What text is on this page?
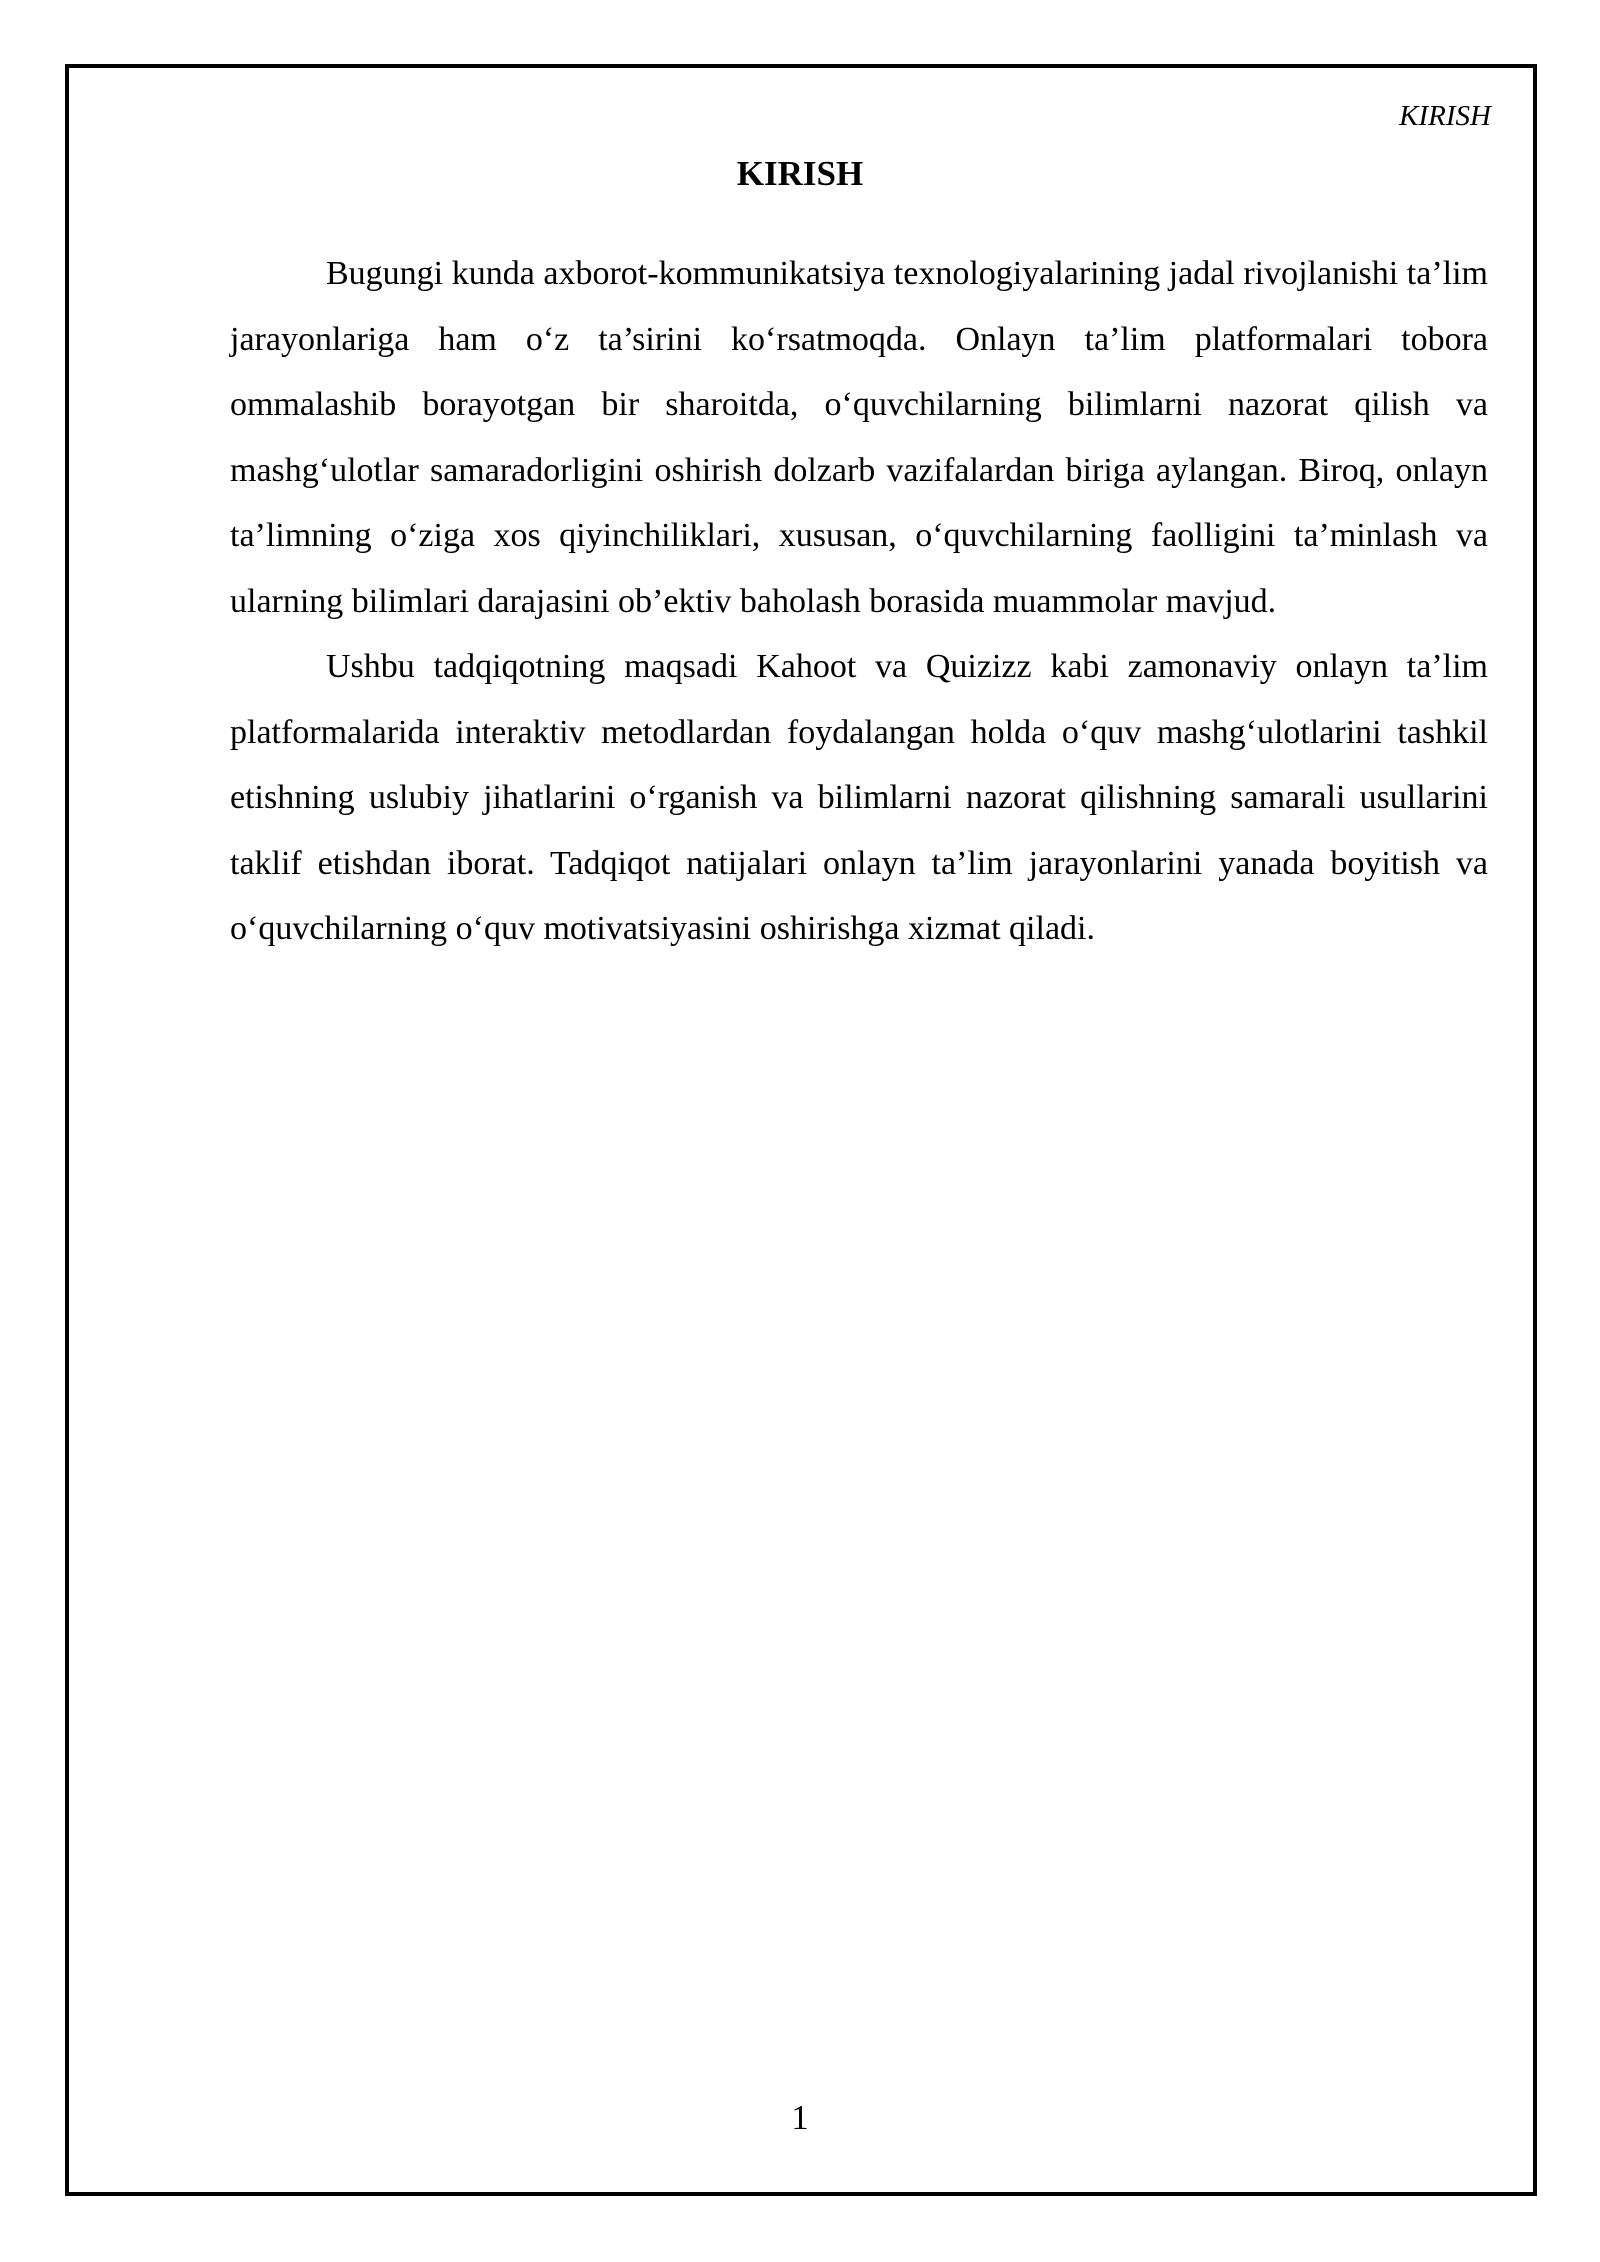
KIRISH
KIRISH

Bugungi kunda axborot-kommunikatsiya texnologiyalarining jadal rivojlanishi ta’lim jarayonlariga ham o‘z ta’sirini ko‘rsatmoqda. Onlayn ta’lim platformalari tobora ommalashib borayotgan bir sharoitda, o‘quvchilarning bilimlarni nazorat qilish va mashg‘ulotlar samaradorligini oshirish dolzarb vazifalardan biriga aylangan. Biroq, onlayn ta’limning o‘ziga xos qiyinchiliklari, xususan, o‘quvchilarning faolligini ta’minlash va ularning bilimlari darajasini ob’ektiv baholash borasida muammolar mavjud.

Ushbu tadqiqotning maqsadi Kahoot va Quizizz kabi zamonaviy onlayn ta’lim platformalarida interaktiv metodlardan foydalangan holda o‘quv mashg‘ulotlarini tashkil etishning uslubiy jihatlarini o‘rganish va bilimlarni nazorat qilishning samarali usullarini taklif etishdan iborat. Tadqiqot natijalari onlayn ta’lim jarayonlarini yanada boyitish va o‘quvchilarning o‘quv motivatsiyasini oshirishga xizmat qiladi.

1
